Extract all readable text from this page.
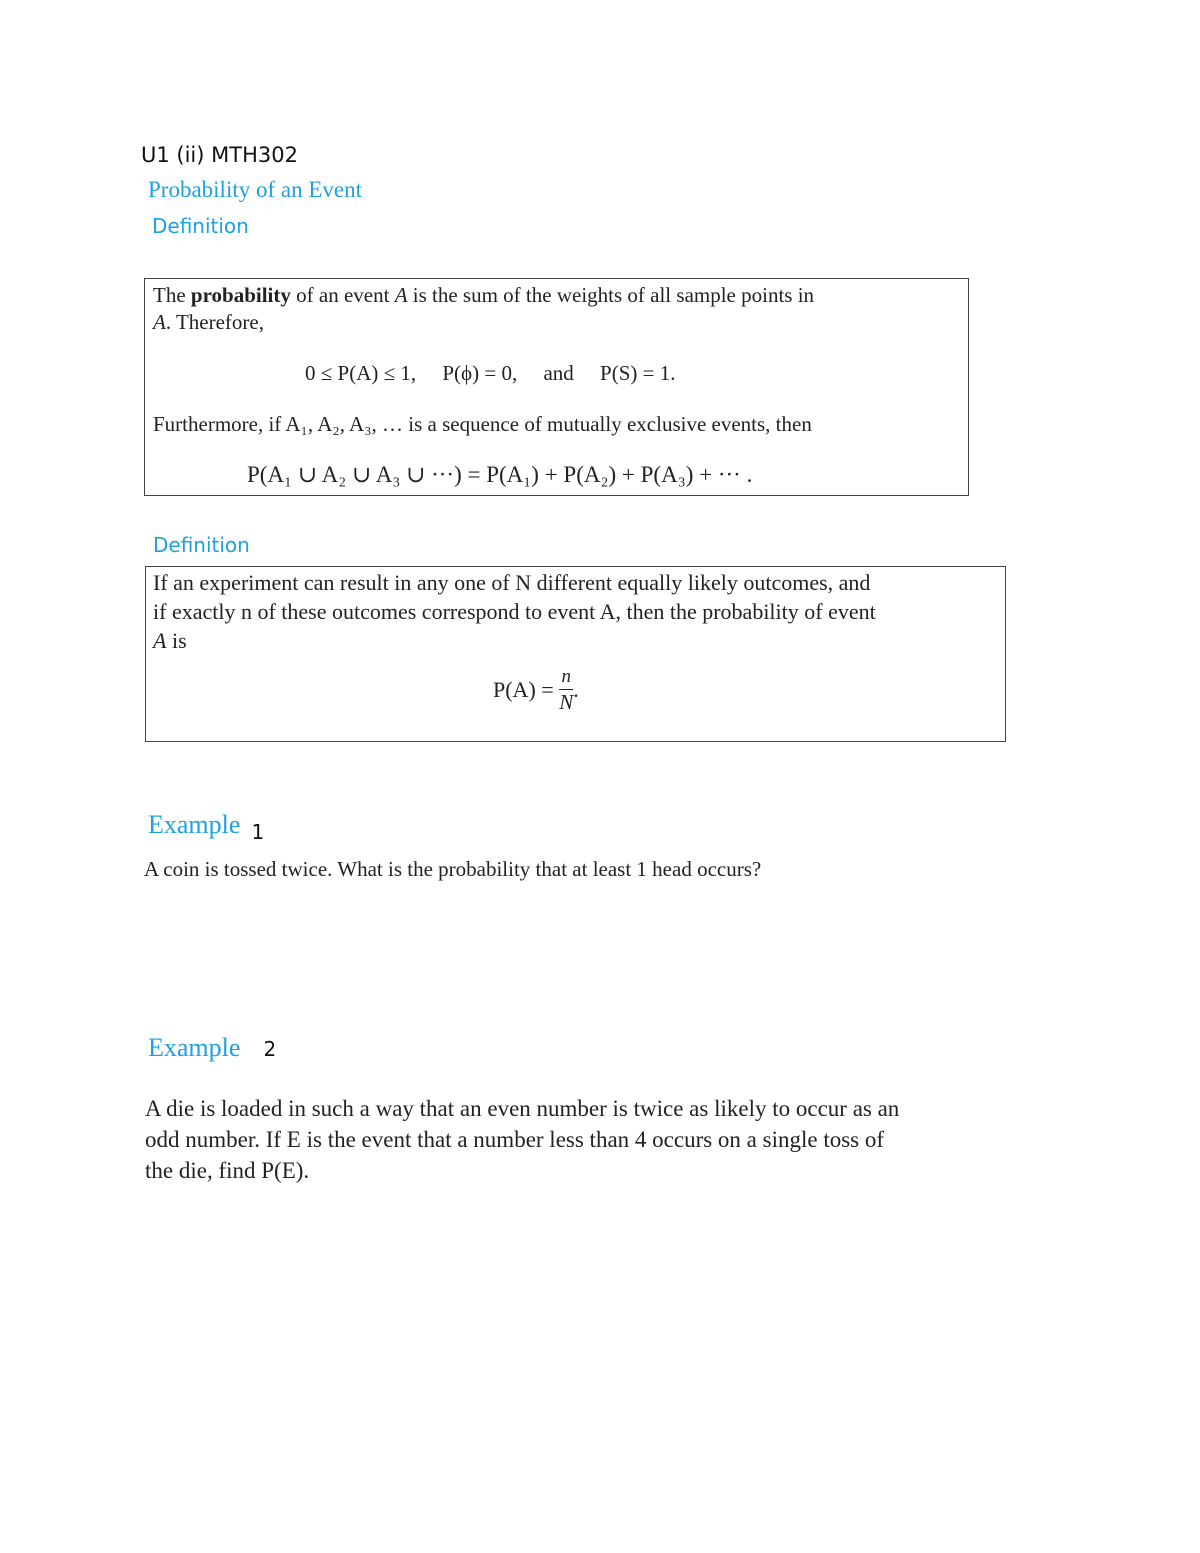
U1 (ii) MTH302
Probability of an Event
Definition
The probability of an event A is the sum of the weights of all sample points in
A. Therefore,
0 ≤ P(A) ≤ 1,     P(ϕ) = 0,     and     P(S) = 1.
Furthermore, if A₁, A₂, A₃, … is a sequence of mutually exclusive events, then
P(A₁ ∪ A₂ ∪ A₃ ∪ ···) = P(A₁) + P(A₂) + P(A₃) + ··· .
Definition
If an experiment can result in any one of N different equally likely outcomes, and
if exactly n of these outcomes correspond to event A, then the probability of event
A is
$P(A) = \frac{n}{N}$ .
Example 1
A coin is tossed twice. What is the probability that at least 1 head occurs?
Example 2
A die is loaded in such a way that an even number is twice as likely to occur as an
odd number. If E is the event that a number less than 4 occurs on a single toss of
the die, find P(E).
